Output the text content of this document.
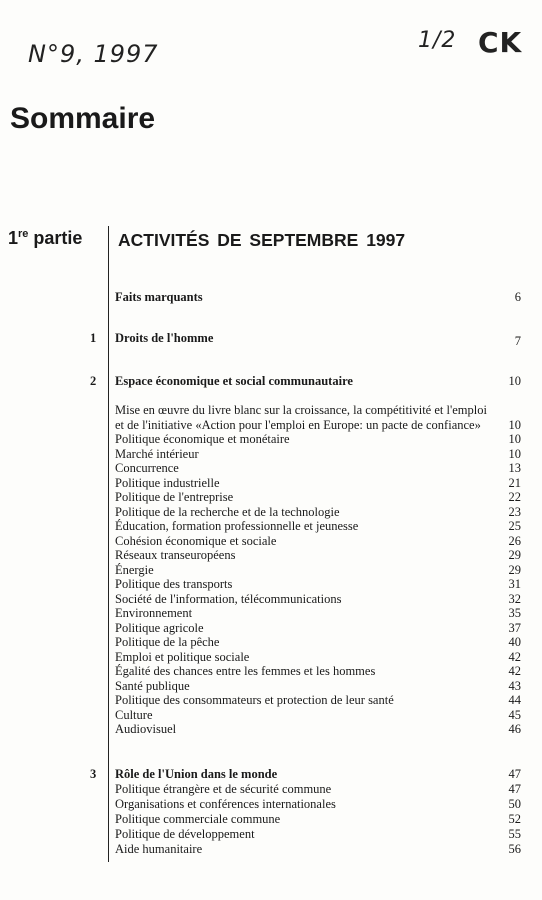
N°9, 1997	1/2 CK
Sommaire
1re partie ACTIVITÉS DE SEPTEMBRE 1997
Faits marquants	6
1 Droits de l'homme	7
2 Espace économique et social communautaire	10
Mise en œuvre du livre blanc sur la croissance, la compétitivité et l'emploi et de l'initiative «Action pour l'emploi en Europe: un pacte de confiance»	10
Politique économique et monétaire	10
Marché intérieur	10
Concurrence	13
Politique industrielle	21
Politique de l'entreprise	22
Politique de la recherche et de la technologie	23
Éducation, formation professionnelle et jeunesse	25
Cohésion économique et sociale	26
Réseaux transeuropéens	29
Énergie	29
Politique des transports	31
Société de l'information, télécommunications	32
Environnement	35
Politique agricole	37
Politique de la pêche	40
Emploi et politique sociale	42
Égalité des chances entre les femmes et les hommes	42
Santé publique	43
Politique des consommateurs et protection de leur santé	44
Culture	45
Audiovisuel	46
3 Rôle de l'Union dans le monde	47
Politique étrangère et de sécurité commune	47
Organisations et conférences internationales	50
Politique commerciale commune	52
Politique de développement	55
Aide humanitaire	56
